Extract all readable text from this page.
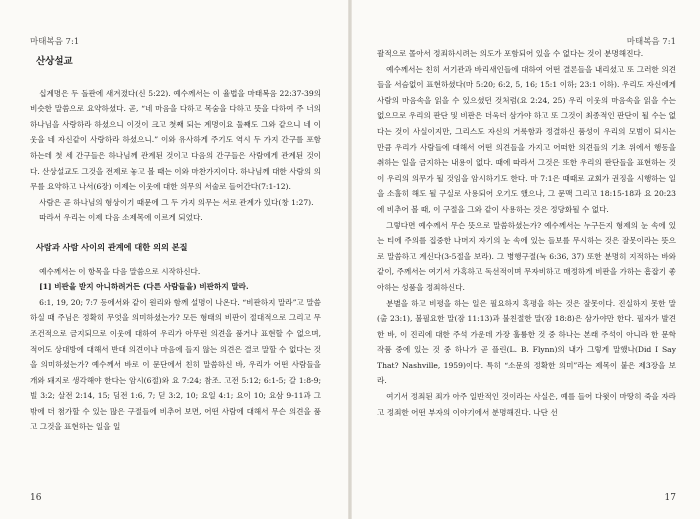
마태복음 7:1
산상설교

십계명은 두 돌판에 새겨졌다(신 5:22). 예수께서는 이 율법을 마태복음 22:37-39의 비슷한 말씀으로 요약하셨다. 곧, “네 마음을 다하고 목숨을 다하고 뜻을 다하여 주 너의 하나님을 사랑하라 하셨으니 이것이 크고 첫째 되는 계명이요 둘째도 그와 같으니 네 이웃을 네 자신같이 사랑하라 하셨으니.” 이와 유사하게 주기도 역시 두 가지 간구를 포함하는데 첫 세 간구들은 하나님께 관계된 것이고 다음의 간구들은 사람에게 관계된 것이다. 산상설교도 그것을 전제로 놓고 볼 때는 이와 마찬가지이다. 하나님께 대한 사람의 의무를 요약하고 나서(6장) 이제는 이웃에 대한 의무의 서술로 들어간다(7:1-12).

사람은 곧 하나님의 형상이기 때문에 그 두 가지 의무는 서로 관계가 있다(창 1:27).

따라서 우리는 이제 다음 소제목에 이르게 되었다.

사람과 사람 사이의 관계에 대한 의의 본질

예수께서는 이 항목을 다음 말씀으로 시작하신다.

[1] 비판을 받지 아니하려거든 (다른 사람들을) 비판하지 말라.

6:1, 19, 20; 7:7 등에서와 같이 원리와 함께 설명이 나온다. “비판하지 말라”고 말씀하실 때 주님은 정확히 무엇을 의미하셨는가? 모든 형태의 비판이 절대적으로 그리고 무조건적으로 금지되므로 이웃에 대하여 우리가 아무런 의견을 품거나 표현할 수 없으며, 적어도 상대방에 대해서 반대 의견이나 마음에 들지 않는 의견은 결코 말할 수 없다는 것을 의미하셨는가? 예수께서 바로 이 문단에서 친히 말씀하신 바, 우리가 어떤 사람들을 개와 돼지로 생각해야 한다는 암시(6절)와 요 7:24; 참조. 고전 5:12; 6:1-5; 갈 1:8-9; 빌 3:2; 살전 2:14, 15; 딤전 1:6, 7; 딛 3:2, 10; 요일 4:1; 요이 10; 요삼 9-11과 그 밖에 더 첨가할 수 있는 많은 구절들에 비추어 보면, 어떤 사람에 대해서 무슨 의견을 품고 그것을 표현하는 일을 일

16
마태복음 7:1

괄적으로 몰아서 정죄하시려는 의도가 포함되어 있을 수 없다는 것이 분명해진다.

예수께서는 친히 서기관과 바리새인들에 대하여 어떤 결론들을 내리셨고 또 그러한 의견들을 서슴없이 표현하셨다(마 5:20; 6:2, 5, 16; 15:1 이하; 23:1 이하). 우리도 자신에게 사람의 마음속을 읽을 수 있으셨던 것처럼(요 2:24, 25) 우리 이웃의 마음속을 읽을 수는 없으므로 우리의 판단 및 비판은 더욱더 삼가야 하고 또 그것이 최종적인 판단이 될 수는 없다는 것이 사실이지만, 그리스도 자신의 거룩함과 정결하신 품성이 우리의 모범이 되시는 만큼 우리가 사람들에 대해서 어떤 의견들을 가지고 어떠한 의견들의 기초 위에서 행동을 취하는 일을 금지하는 내용이 없다. 때에 따라서 그것은 또한 우리의 판단들을 표현하는 것이 우리의 의무가 될 것임을 암시하기도 한다. 마 7:1은 때때로 교회가 권징을 시행하는 일을 소홀히 해도 될 구실로 사용되어 오기도 했으나, 그 문맥 그리고 18:15-18과 요 20:23에 비추어 볼 때, 이 구절을 그와 같이 사용하는 것은 정당화될 수 없다.

그렇다면 예수께서 무슨 뜻으로 말씀하셨는가? 예수께서는 누구든지 형제의 눈 속에 있는 티에 주의를 집중한 나머지 자기의 눈 속에 있는 들보를 무시하는 것은 잘못이라는 뜻으로 말씀하고 계신다(3-5절을 보라). 그 병행구절(눅 6:36, 37) 또한 분명히 지적하는 바와 같이, 주께서는 여기서 가혹하고 독선적이며 무자비하고 매정하게 비판을 가하는 흠잡기 좋아하는 성품을 정죄하신다.

분별을 하고 비평을 하는 일은 필요하지 혹평을 하는 것은 잘못이다. 진실하지 못한 말(출 23:1), 불필요한 말(잠 11:13)과 불친절한 말(잠 18:8)은 삼가야만 한다. 필자가 발견한 바, 이 진리에 대한 주석 가운데 가장 훌륭한 것 중 하나는 본래 주석이 아니라 한 문학 작품 중에 있는 것 중 하나가 곧 플린(L. B. Flynn)의 내가 그렇게 말했나(Did I Say That? Nashville, 1959)이다. 특히 “소문의 정확한 의미”라는 제목이 붙은 제3장을 보라.

여기서 정죄된 죄가 아주 일반적인 것이라는 사실은, 예를 들어 다윗이 마땅히 죽을 자라고 정죄한 어떤 부자의 이야기에서 분명해진다. 나단 선

17
